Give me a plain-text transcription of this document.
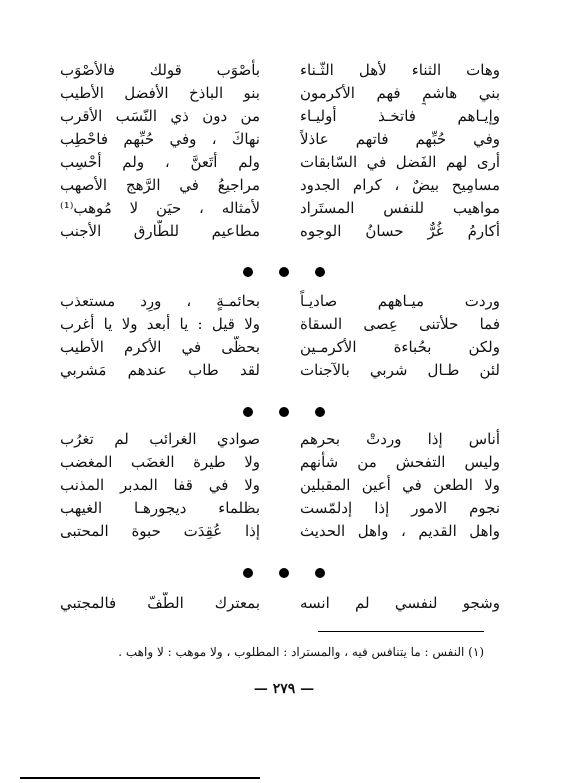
وهات الثناء لأهل الثّـناء
بأصْوَب قولك فالأصْوَب
بني هاشمٍ فهم الأكرمون
بنو الباذخ الأفضل الأطيب
وإيـاهم فاتخـذ أوليـاء
من دون ذي النّسَب الأقرب
وفي حُبِّهم فاتهم عاذلاً
نهاكَ ، وفي حُبِّهم فاحْطِب
أرى لهم الفَضل في السّابقات
ولم أتَعنَّ ، ولم أحْسِب
مسامِيح بيضٌ ، كرام الجدود
مراجيعُ في الرَّهج الأصهب
مواهيب للنفس المستَراد
لأمثاله ، حيَن لا مُوهب⁽¹⁾
أكارمُ غُرٌّ حسانُ الوجوه
مطاعيم للطّارق الأجنب
وردت ميـاههم صاديـاً
بحائمـةٍ ، ورِد مستعذب
فما حلأتنى عِصى السقاة
ولا قيل : يا أبعد ولا يا أغرب
ولكن بحُباءة الأكرمـين
بحظّى في الأكرم الأطيب
لئن طـال شربي بالآجنات
لقد طاب عندهم مَشربي
أناس إذا وردتْ بحرهم
صوادي الغرائب لم تغرُب
وليس التفحش من شأنهم
ولا طيرة الغضَب المغضب
ولا الطعن في أعين المقبلين
ولا في قفا المدبر المذنب
نجوم الامور إذا إدلمّست
بظلماء ديجورهـا الغيهب
واهل القديم ، واهل الحديث
إذا عُقِدَت حبوة المحتبى
وشجو لنفسي لم انسه
بمعترك الطّفّ فالمجتبي
(١) النفس : ما يتنافس فيه ، والمستراد : المطلوب ، ولا موهب : لا واهب .
— ٢٧٩ —
